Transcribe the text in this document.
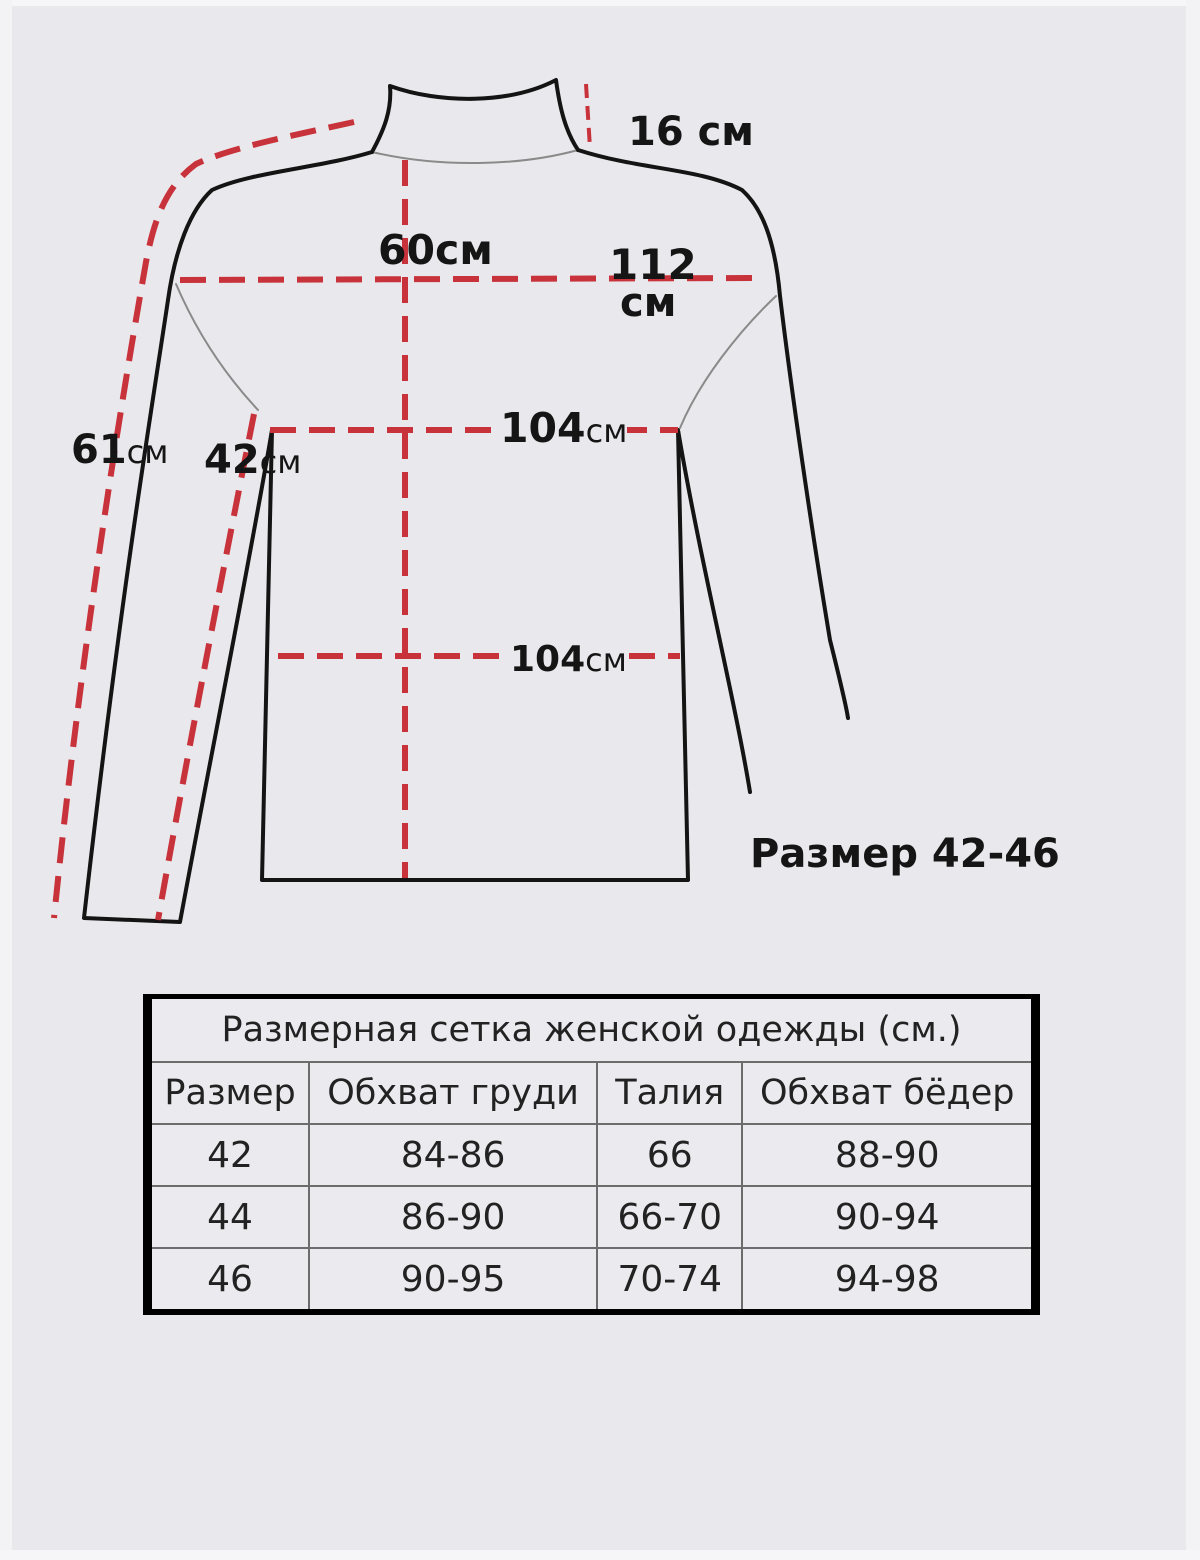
16 см
60см	112
см
61см 42см
104см
104см
Размер 42-46
Размерная сетка женской одежды (см.)			
Размер	Обхват груди	Талия	Обхват бёдер
42	84-86	66	88-90
44	86-90	66-70	90-94
46	90-95	70-74	94-98
